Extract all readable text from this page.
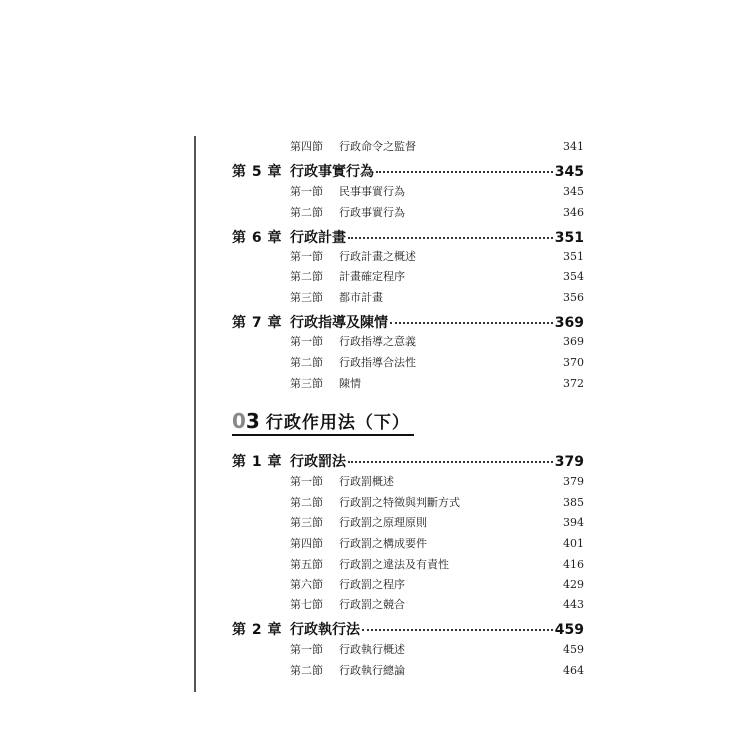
03 行政作用法（下）
第四節	行政命令之監督	341
第 5 章 行政事實行為	345
第一節	民事事實行為	345
第二節	行政事實行為	346
第 6 章 行政計畫	351
第一節	行政計畫之概述	351
第二節	計畫確定程序	354
第三節	都市計畫	356
第 7 章 行政指導及陳情	369
第一節	行政指導之意義	369
第二節	行政指導合法性	370
第三節	陳情	372
第 1 章 行政罰法	379
第一節	行政罰概述	379
第二節	行政罰之特徵與判斷方式	385
第三節	行政罰之原理原則	394
第四節	行政罰之構成要件	401
第五節	行政罰之違法及有責性	416
第六節	行政罰之程序	429
第七節	行政罰之競合	443
第 2 章 行政執行法	459
第一節	行政執行概述	459
第二節	行政執行總論	464
